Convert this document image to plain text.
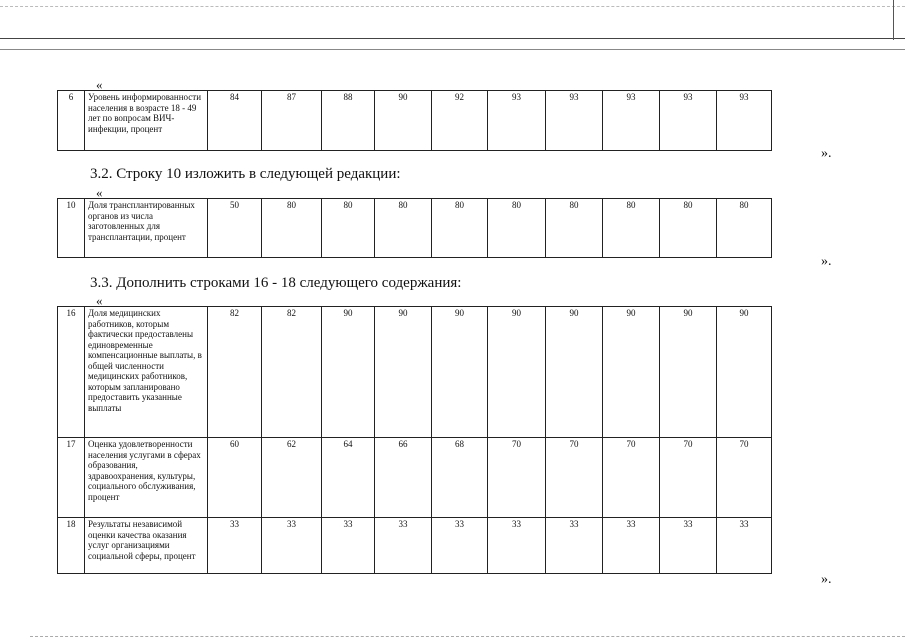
«
6	Уровень информированности населения в возрасте 18 - 49 лет по вопросам ВИЧ-инфекции, процент	84	87	88	90	92	93	93	93	93	93
».
3.2. Строку 10 изложить в следующей редакции:
«
10	Доля трансплантированных органов из числа заготовленных для трансплантации, процент	50	80	80	80	80	80	80	80	80	80
».
3.3. Дополнить строками 16 - 18 следующего содержания:
«
16	Доля медицинских работников, которым фактически предоставлены единовременные компенсационные выплаты, в общей численности медицинских работников, которым запланировано предоставить указанные выплаты	82	82	90	90	90	90	90	90	90	90
17	Оценка удовлетворенности населения услугами в сферах образования, здравоохранения, культуры, социального обслуживания, процент	60	62	64	66	68	70	70	70	70	70
18	Результаты независимой оценки качества оказания услуг организациями социальной сферы, процент	33	33	33	33	33	33	33	33	33	33
».
